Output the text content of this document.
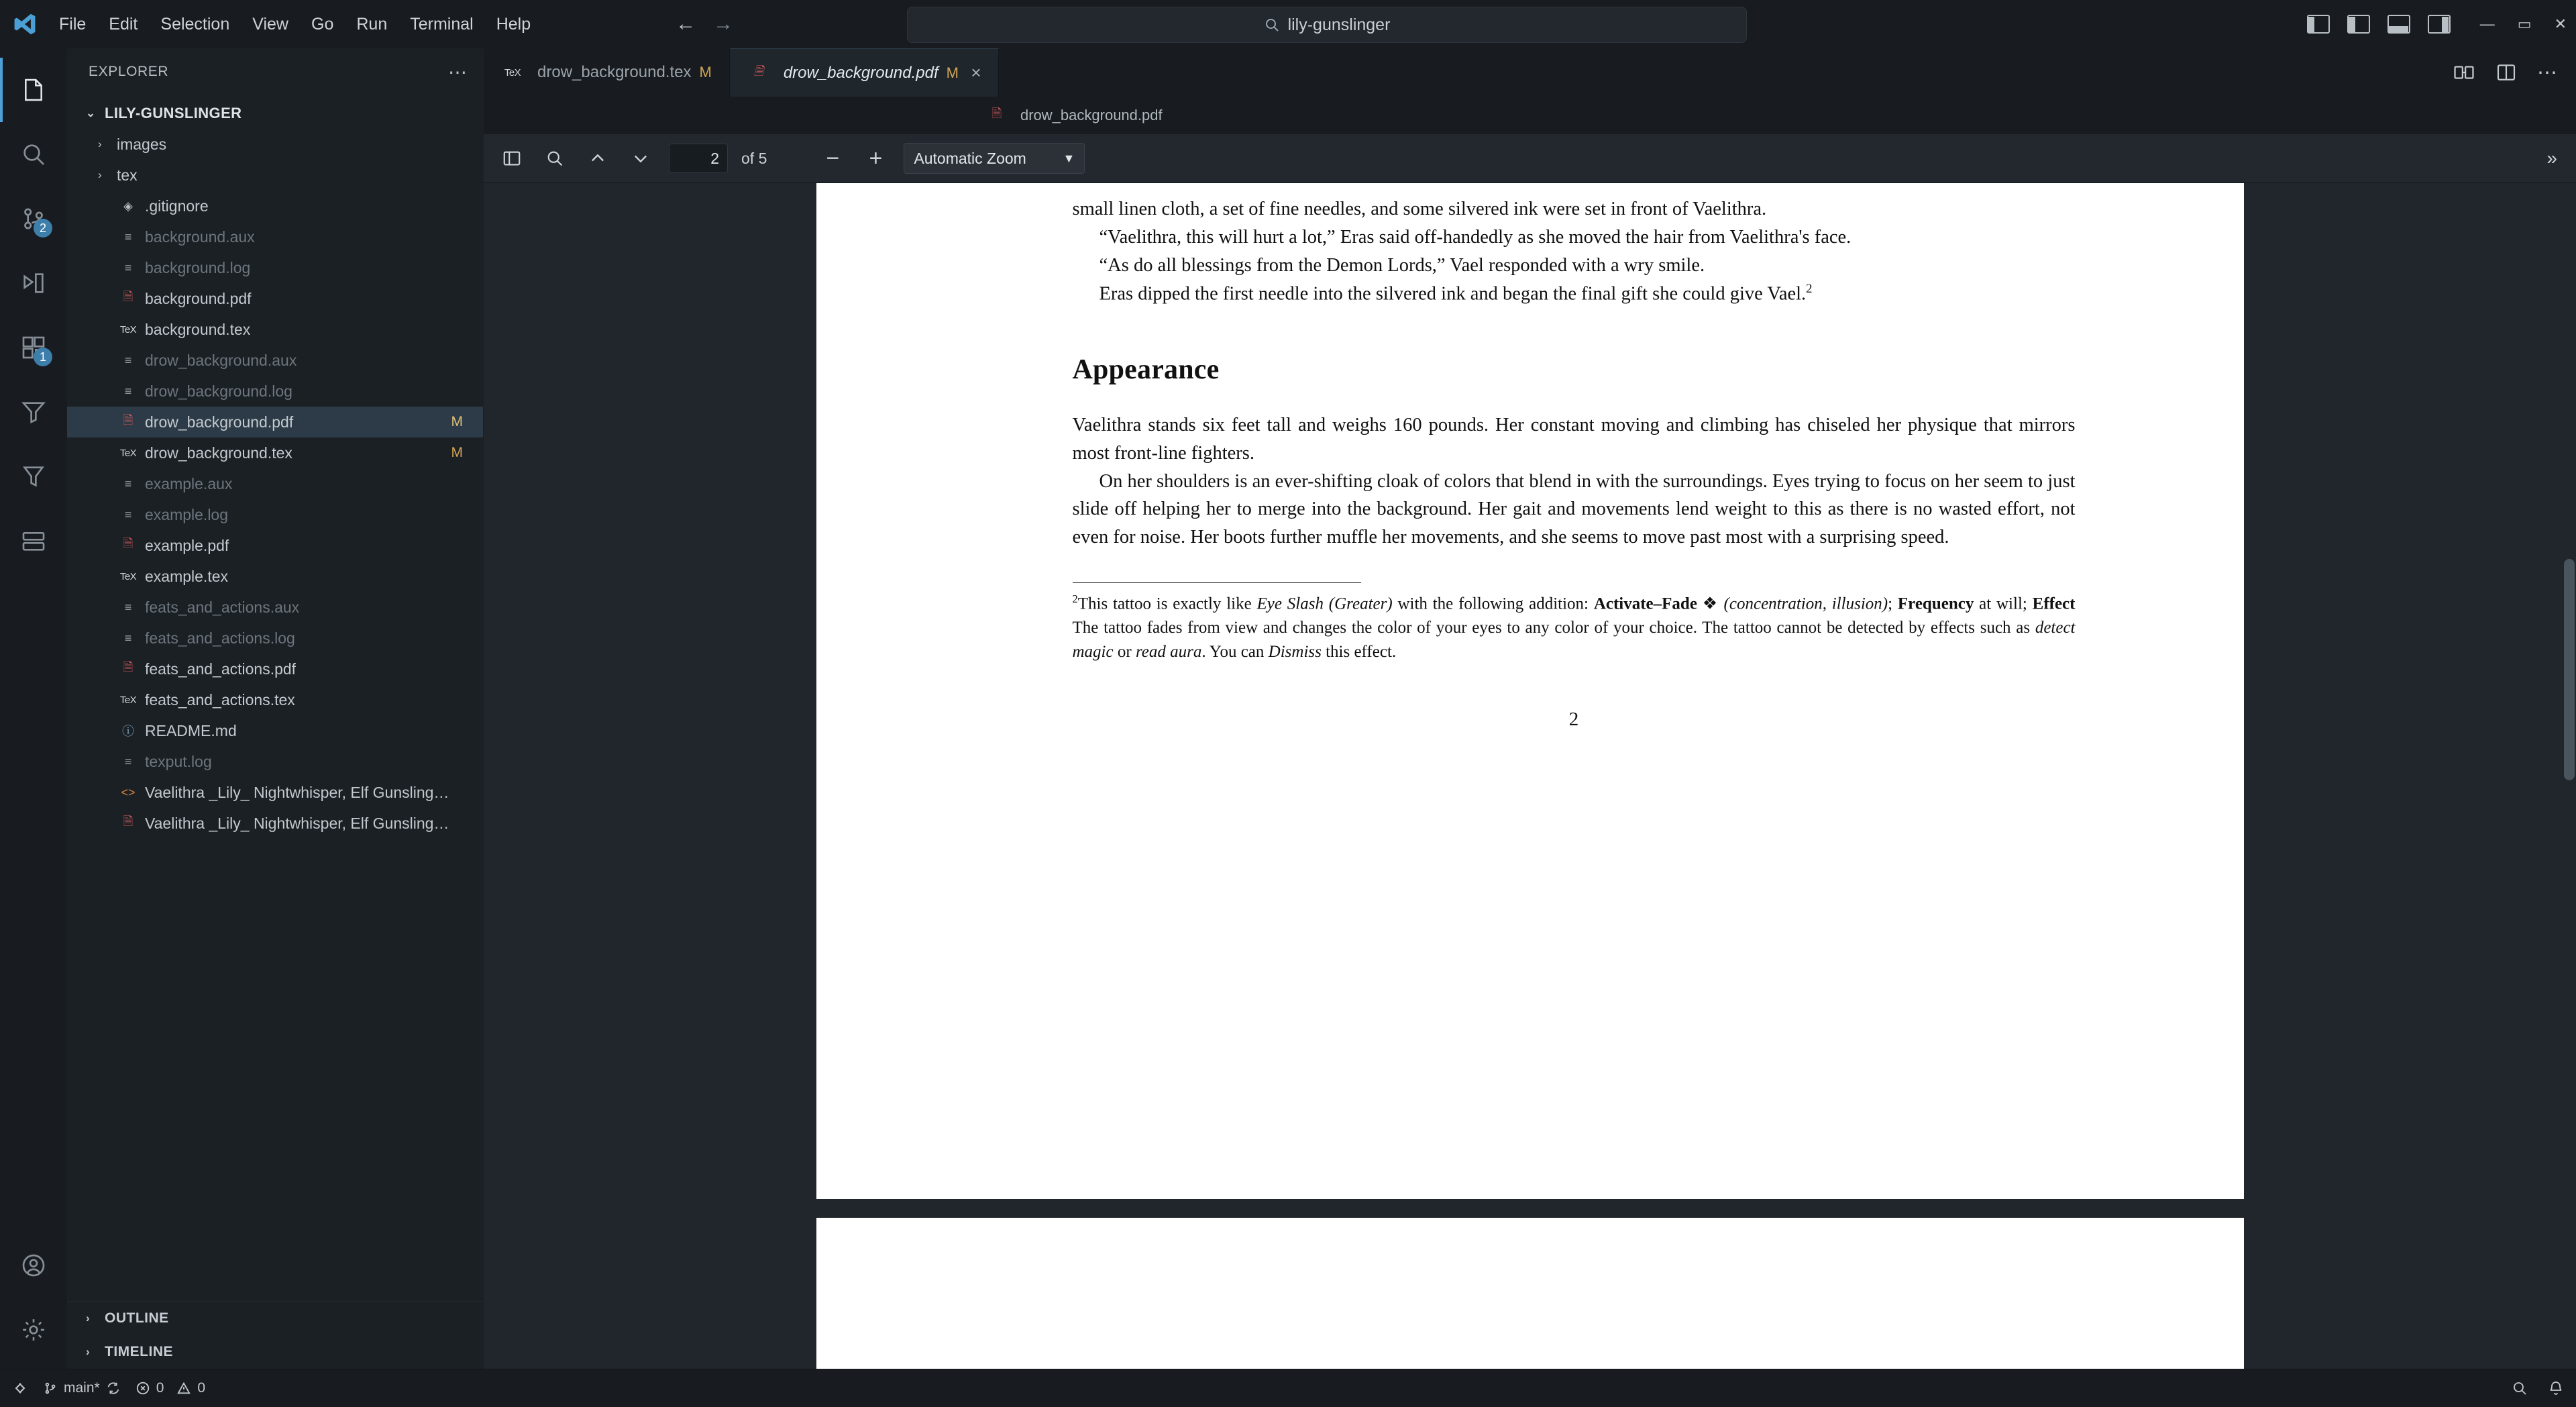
File	Edit	Selection	View	Go	Run	Terminal	Help	← →	lily-gunslinger	— ▭ ✕
2
1
EXPLORER	⋯
⌄ LILY-GUNSLINGER
› images
› tex
◈ .gitignore
≡ background.aux
≡ background.log
🗎 background.pdf
TeX background.tex
≡ drow_background.aux
≡ drow_background.log
🗎 drow_background.pdf	M
TeX drow_background.tex	M
≡ example.aux
≡ example.log
🗎 example.pdf
TeX example.tex
≡ feats_and_actions.aux
≡ feats_and_actions.log
🗎 feats_and_actions.pdf
TeX feats_and_actions.tex
ⓘ README.md
≡ texput.log
<> Vaelithra _Lily_ Nightwhisper, Elf Gunsling…
🗎 Vaelithra _Lily_ Nightwhisper, Elf Gunsling…
›	OUTLINE
›	TIMELINE
TeX drow_background.tex M	🗎	drow_background.pdf M ×	⋯
🗎	drow_background.pdf
2	of 5	−	+	Automatic Zoom	▼	»

small linen cloth, a set of fine needles, and some silvered ink were set in front of Vaelithra.

“Vaelithra, this will hurt a lot,” Eras said off-handedly as she moved the hair from Vaelithra's face.

“As do all blessings from the Demon Lords,” Vael responded with a wry smile.

Eras dipped the first needle into the silvered ink and began the final gift she could give Vael.$^2$

Appearance

Vaelithra stands six feet tall and weighs 160 pounds. Her constant moving and climbing has chiseled her physique that mirrors most front-line fighters.

On her shoulders is an ever-shifting cloak of colors that blend in with the surroundings. Eyes trying to focus on her seem to just slide off helping her to merge into the background. Her gait and movements lend weight to this as there is no wasted effort, not even for noise. Her boots further muffle her movements, and she seems to move past most with a surprising speed.

$^2$This tattoo is exactly like Eye Slash (Greater) with the following addition: Activate–Fade ❖ (concentration, illusion); Frequency at will; Effect The tattoo fades from view and changes the color of your eyes to any color of your choice. The tattoo cannot be detected by effects such as detect magic or read aura. You can Dismiss this effect.
2
main*	0 0
